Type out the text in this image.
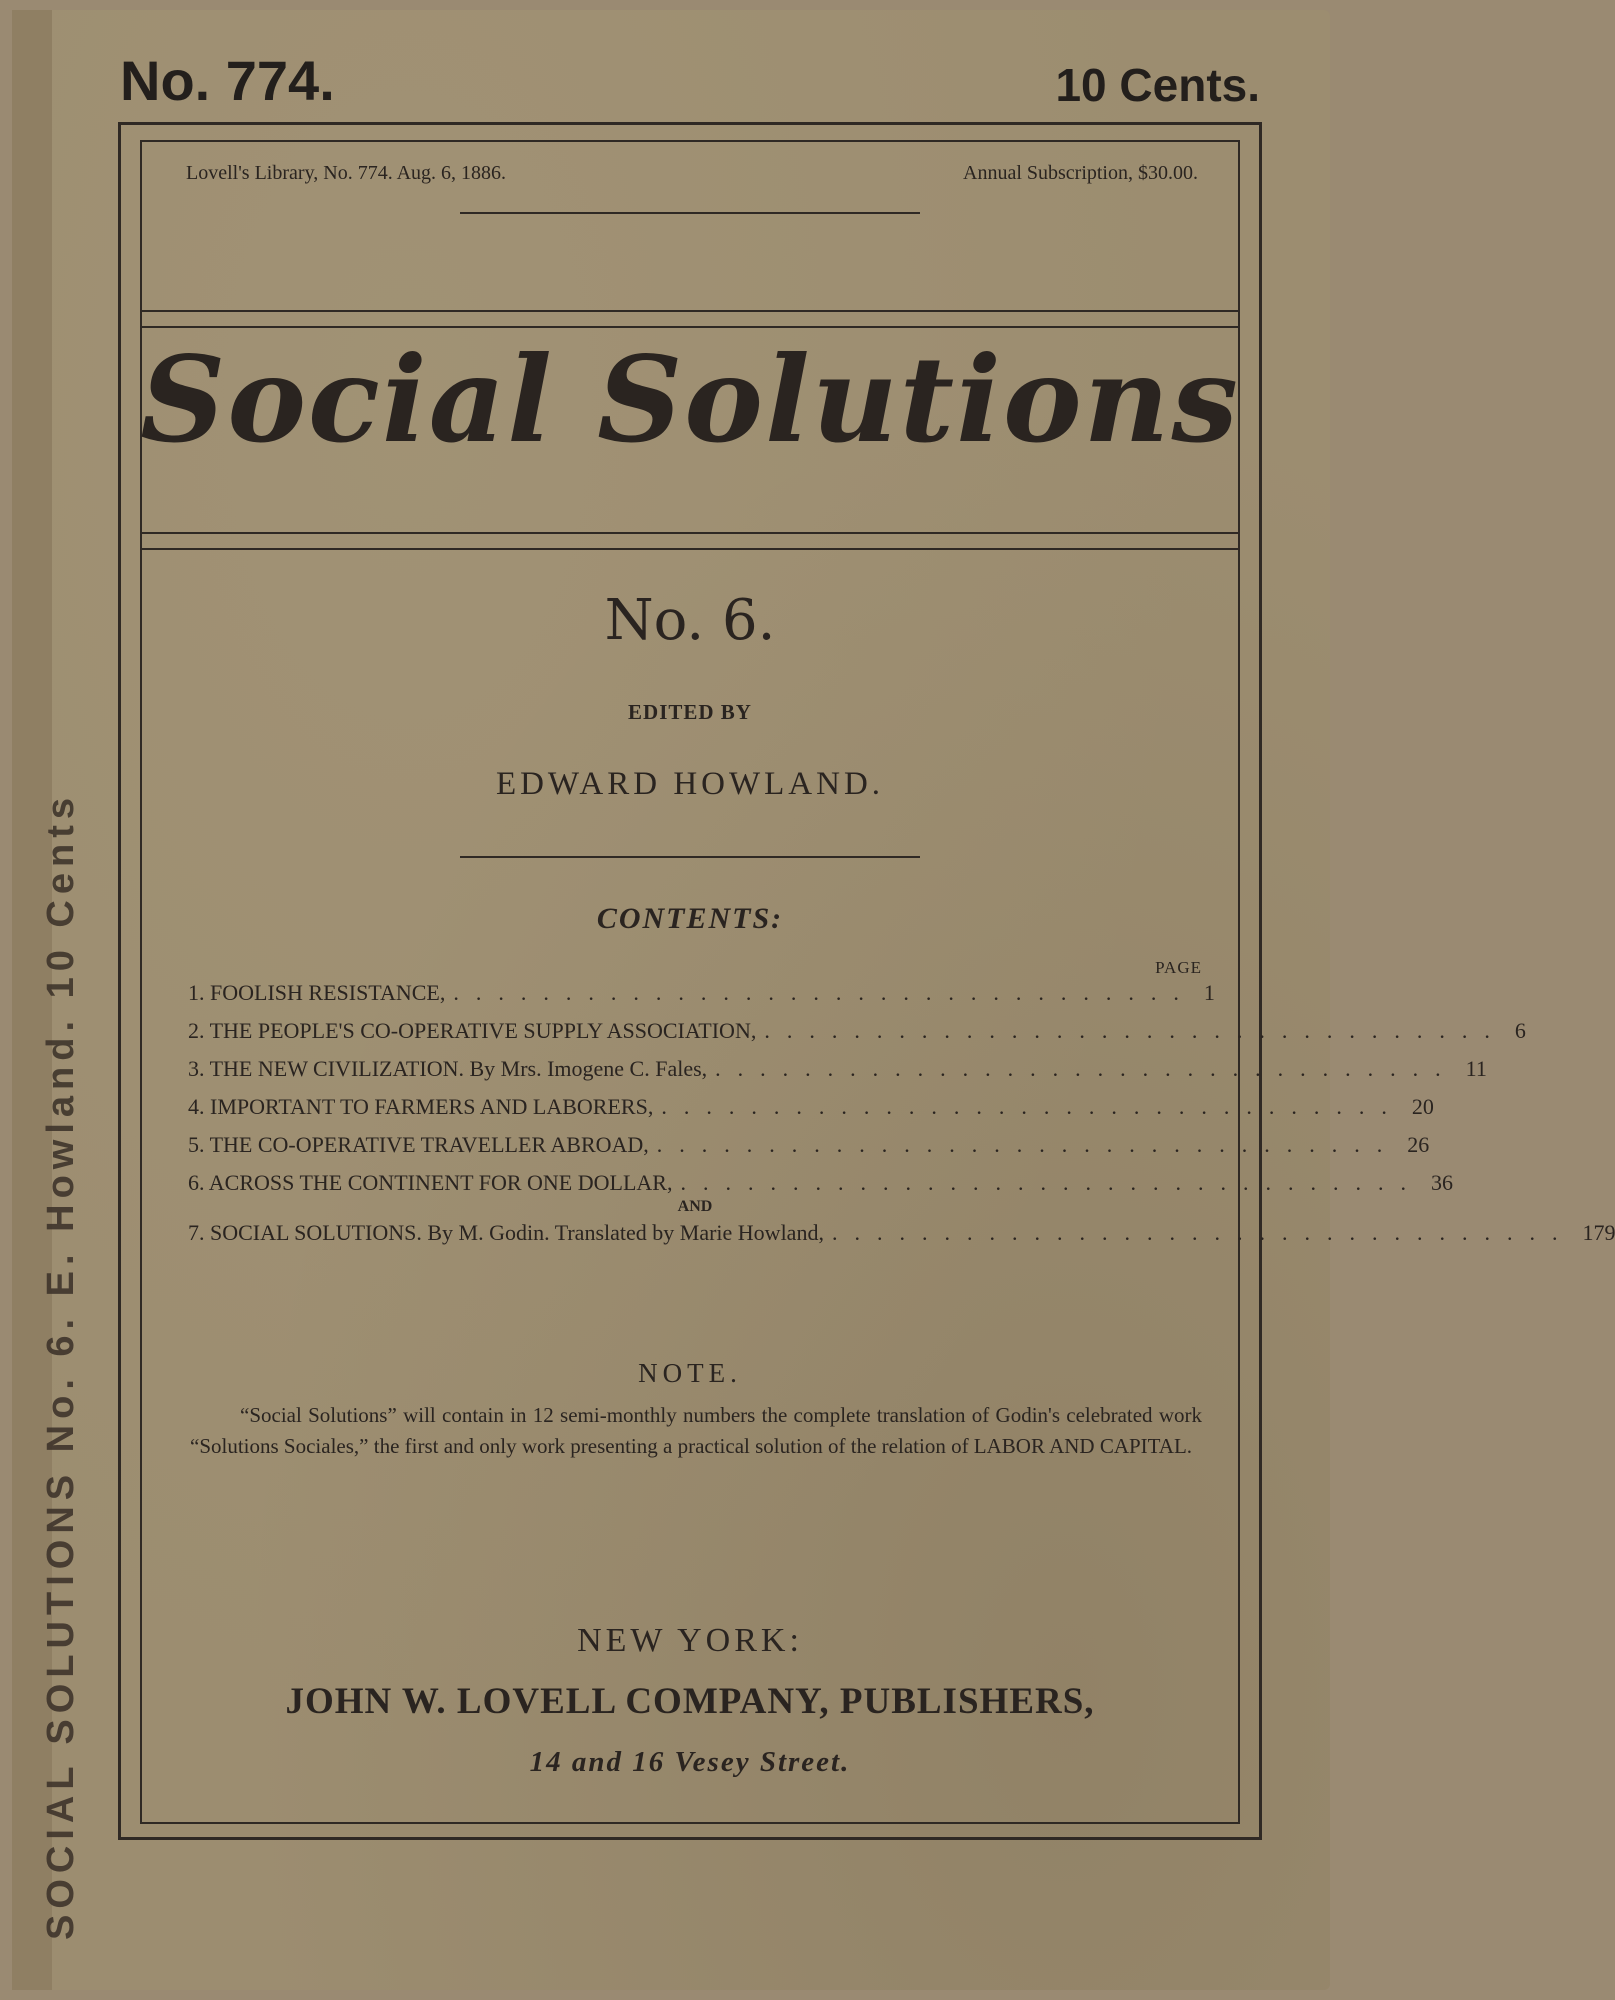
SOCIAL SOLUTIONS No. 6. E. Howland. 10 Cents
No. 774.	10 Cents.
Lovell's Library, No. 774. Aug. 6, 1886.	Annual Subscription, $30.00.
Social Solutions
No. 6.
EDITED BY
EDWARD HOWLAND.
CONTENTS:
PAGE
1. FOOLISH RESISTANCE, ................................. 1
2. THE PEOPLE'S CO-OPERATIVE SUPPLY ASSOCIATION, ................................. 6
3. THE NEW CIVILIZATION. By Mrs. Imogene C. Fales, ................................. 11
4. IMPORTANT TO FARMERS AND LABORERS, ................................. 20
5. THE CO-OPERATIVE TRAVELLER ABROAD, ................................. 26
6. ACROSS THE CONTINENT FOR ONE DOLLAR, ................................. 36
AND
7. SOCIAL SOLUTIONS. By M. Godin. Translated by Marie Howland, ................................. 179
NOTE.
“Social Solutions” will contain in 12 semi-monthly numbers the complete translation of Godin's celebrated work “Solutions Sociales,” the first and only work presenting a practical solution of the relation of LABOR AND CAPITAL.
NEW YORK:
JOHN W. LOVELL COMPANY, PUBLISHERS,
14 and 16 Vesey Street.
